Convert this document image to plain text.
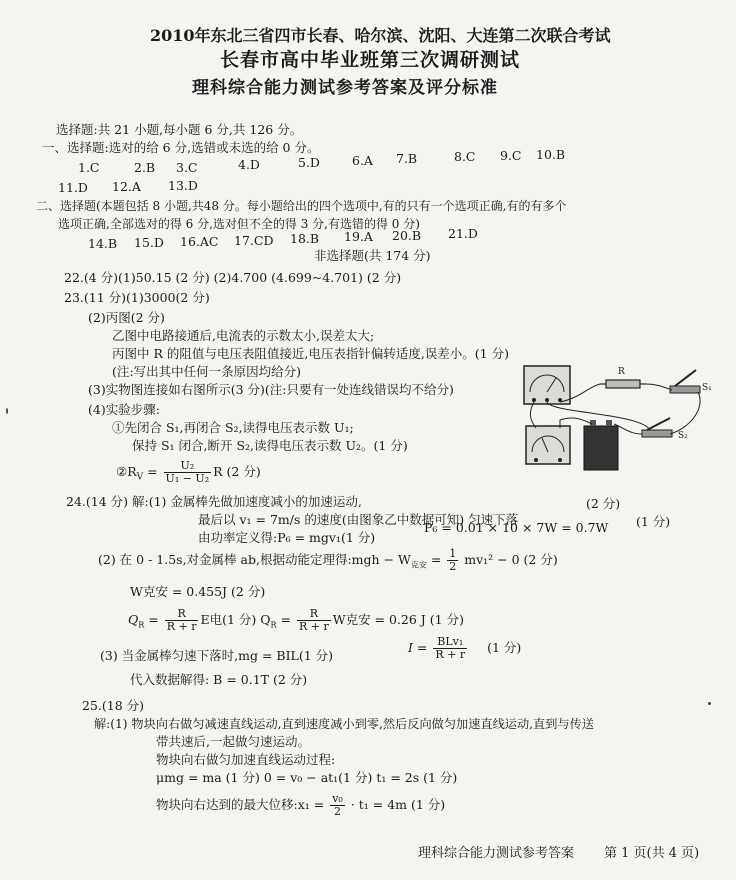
2010年东北三省四市长春、哈尔滨、沈阳、大连第二次联合考试
长春市高中毕业班第三次调研测试
理科综合能力测试参考答案及评分标准
选择题:共 21 小题,每小题 6 分,共 126 分。
一、选择题:选对的给 6 分,选错或未选的给 0 分。
1.C	2.B 3.C	4.D	5.D	6.A 7.B	8.C 9.C 10.B
11.D 12.A 13.D
二、选择题(本题包括 8 小题,共48 分。每小题给出的四个选项中,有的只有一个选项正确,有的有多个
选项正确,全部选对的得 6 分,选对但不全的得 3 分,有选错的得 0 分)
14.B 15.D 16.AC 17.CD 18.B 19.A 20.B 21.D
非选择题(共 174 分)
22.(4 分)(1)50.15 (2 分) (2)4.700 (4.699~4.701) (2 分)
23.(11 分)(1)3000(2 分)
(2)丙图(2 分)
乙图中电路接通后,电流表的示数太小,误差太大;
丙图中 R 的阻值与电压表阻值接近,电压表指针偏转适度,误差小。(1 分)
(注:写出其中任何一条原因均给分)
(3)实物图连接如右图所示(3 分)(注:只要有一处连线错误均不给分)
(4)实验步骤:
①先闭合 S₁,再闭合 S₂,读得电压表示数 U₁;
保持 S₁ 闭合,断开 S₂,读得电压表示数 U₂。(1 分)
$②R_V = \frac{\text{U₂}}{\text{U₁ − U₂}}$ R (2 分)
R
S₁
S₂
24.(14 分) 解:(1) 金属棒先做加速度减小的加速运动,
最后以 v₁ = 7m/s 的速度(由图象乙中数据可知) 匀速下落
(2 分)
由功率定义得:P₆ = mgv₁(1 分)
P₆ = 0.01 × 10 × 7W = 0.7W (1 分)
(2) 在 0 - 1.5s,对金属棒 ab,根据动能定理得:mgh − $W_{克安} = \frac{1}{2} mv_1^2 - 0$ (2 分)
W克安 = 0.455J (2 分)
$Q_R = \frac{R}{R + r}$ E电(1 分) $Q_R = \frac{R}{R + r}$ W克安 = 0.26 J (1 分)
(3) 当金属棒匀速下落时,mg = BIL(1 分)
$I = \frac{\text{BLv₁}}{R + r} (1$ 分)
代入数据解得: B = 0.1T (2 分)
25.(18 分)
解:(1) 物块向右做匀减速直线运动,直到速度减小到零,然后反向做匀加速直线运动,直到与传送
带共速后,一起做匀速运动。
物块向右做匀加速直线运动过程:
μmg = ma (1 分) 0 = v₀ − at₁(1 分) t₁ = 2s (1 分)
物块向右达到的最大位移:x₁ = $\frac{\text{v₀}}{2} \cdot t_1 = 4m$ (1 分)
理科综合能力测试参考答案 第 1 页(共 4 页)
